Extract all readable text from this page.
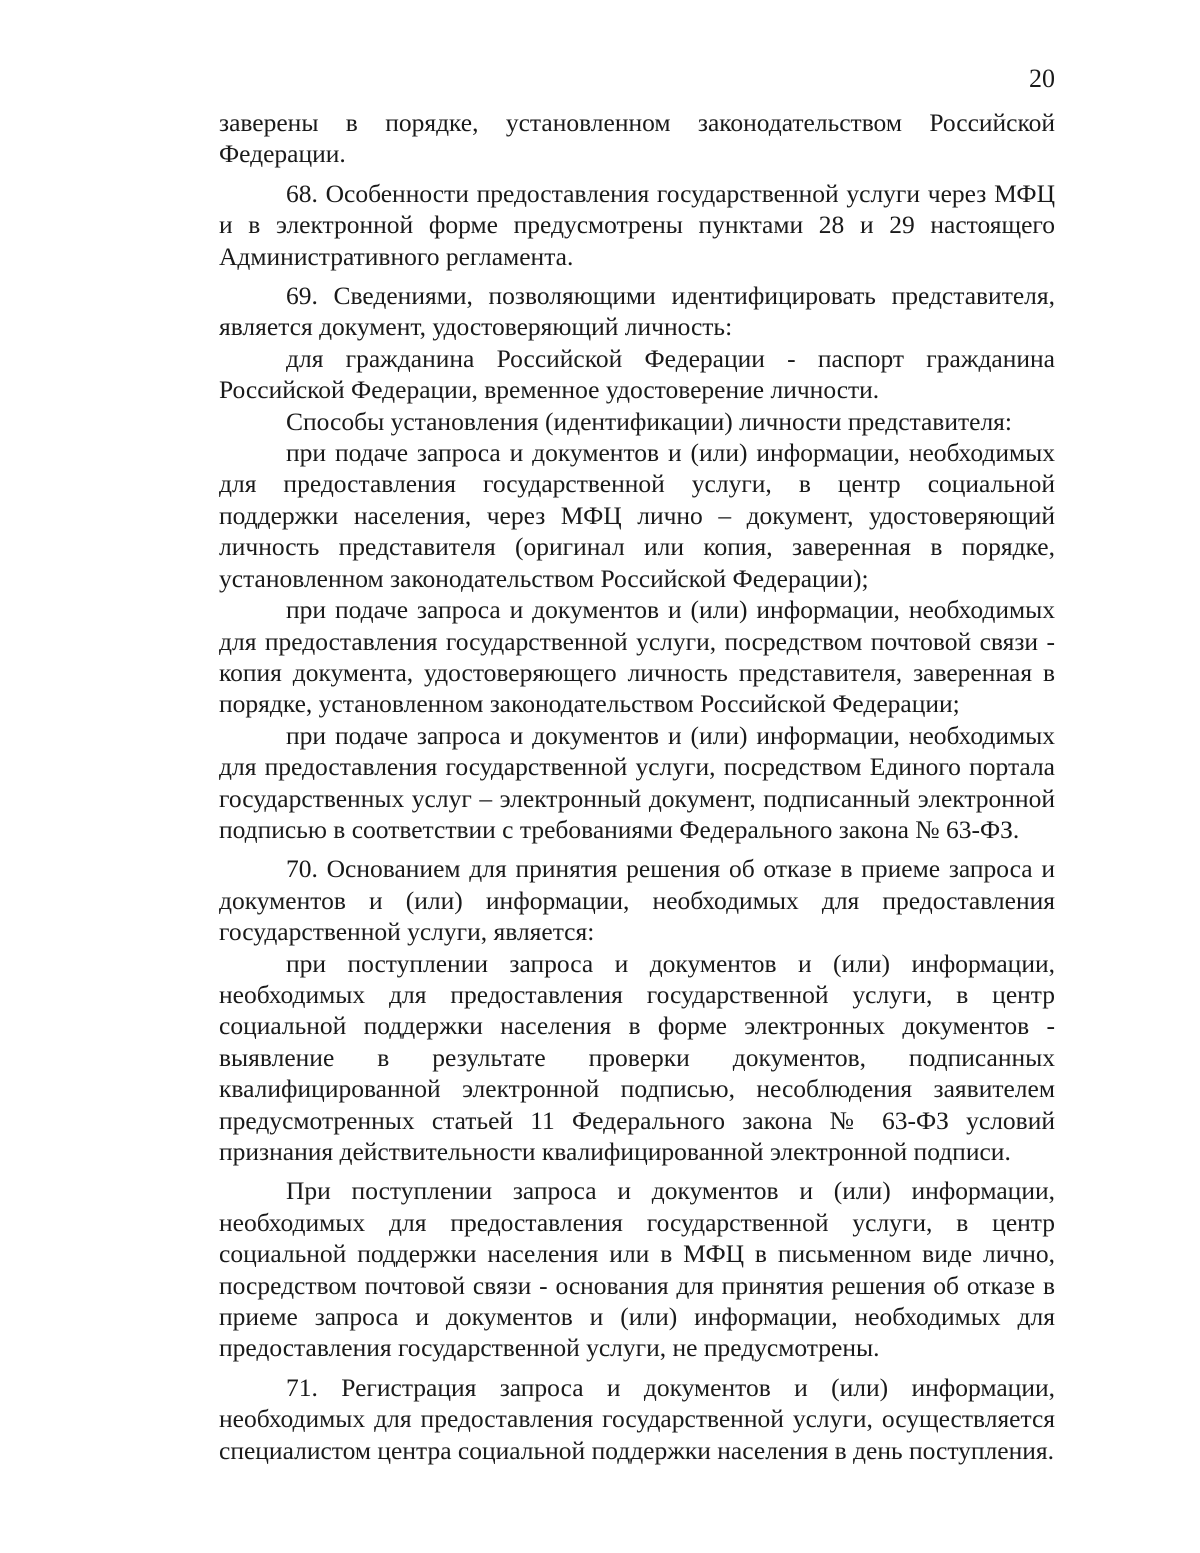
20

заверены в порядке, установленном законодательством Российской Федерации.

68. Особенности предоставления государственной услуги через МФЦ и в электронной форме предусмотрены пунктами 28 и 29 настоящего Административного регламента.

69. Сведениями, позволяющими идентифицировать представителя, является документ, удостоверяющий личность:

для гражданина Российской Федерации - паспорт гражданина Российской Федерации, временное удостоверение личности.

Способы установления (идентификации) личности представителя:

при подаче запроса и документов и (или) информации, необходимых для предоставления государственной услуги, в центр социальной поддержки населения, через МФЦ лично – документ, удостоверяющий личность представителя (оригинал или копия, заверенная в порядке, установленном законодательством Российской Федерации);

при подаче запроса и документов и (или) информации, необходимых для предоставления государственной услуги, посредством почтовой связи - копия документа, удостоверяющего личность представителя, заверенная в порядке, установленном законодательством Российской Федерации;

при подаче запроса и документов и (или) информации, необходимых для предоставления государственной услуги, посредством Единого портала государственных услуг – электронный документ, подписанный электронной подписью в соответствии с требованиями Федерального закона № 63-ФЗ.

70. Основанием для принятия решения об отказе в приеме запроса и документов и (или) информации, необходимых для предоставления государственной услуги, является:

при поступлении запроса и документов и (или) информации, необходимых для предоставления государственной услуги, в центр социальной поддержки населения в форме электронных документов - выявление в результате проверки документов, подписанных квалифицированной электронной подписью, несоблюдения заявителем предусмотренных статьей 11 Федерального закона № 63-ФЗ условий признания действительности квалифицированной электронной подписи.

При поступлении запроса и документов и (или) информации, необходимых для предоставления государственной услуги, в центр социальной поддержки населения или в МФЦ в письменном виде лично, посредством почтовой связи - основания для принятия решения об отказе в приеме запроса и документов и (или) информации, необходимых для предоставления государственной услуги, не предусмотрены.

71. Регистрация запроса и документов и (или) информации, необходимых для предоставления государственной услуги, осуществляется специалистом центра социальной поддержки населения в день поступления.
